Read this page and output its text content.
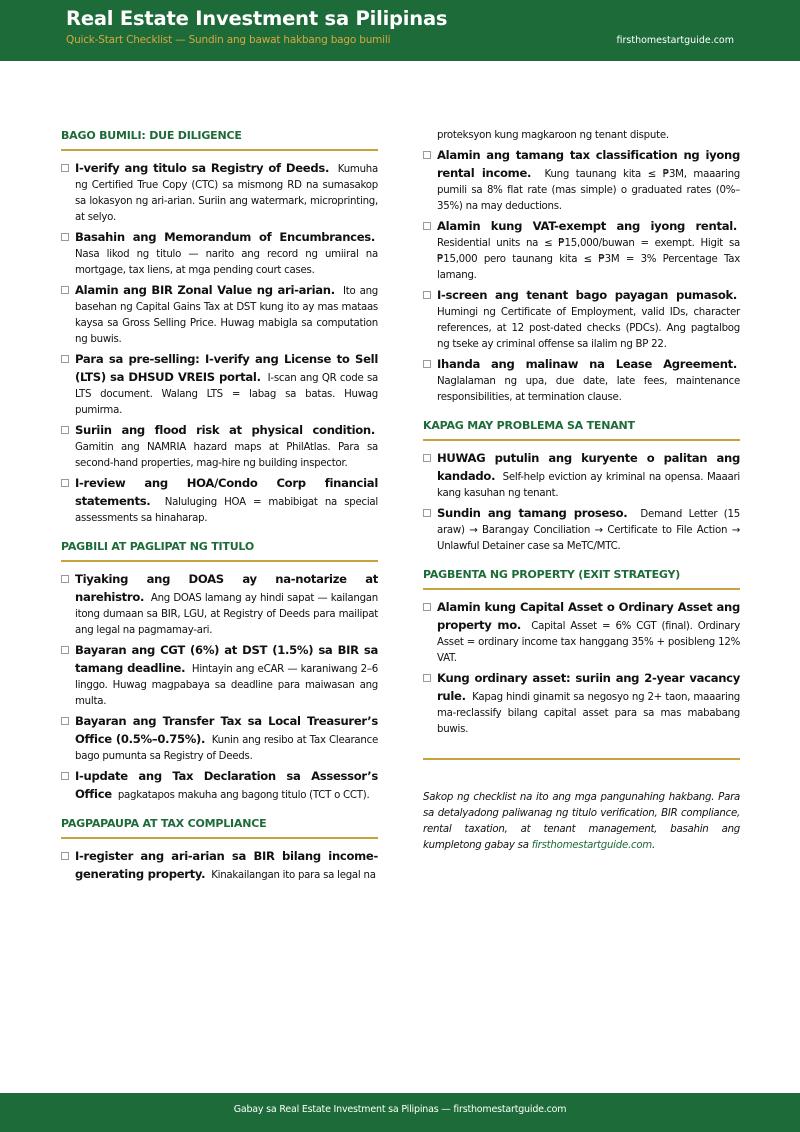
Real Estate Investment sa Pilipinas
Quick-Start Checklist — Sundin ang bawat hakbang bago bumili	firsthomestartguide.com
BAGO BUMILI: DUE DILIGENCE
I-verify ang titulo sa Registry of Deeds. Kumuha ng Certified True Copy (CTC) sa mismong RD na sumasakop sa lokasyon ng ari-arian. Suriin ang watermark, microprinting, at selyo.
Basahin ang Memorandum of Encumbrances.  Nasa likod ng titulo — narito ang record ng umiiral na mortgage, tax liens, at mga pending court cases.
Alamin ang BIR Zonal Value ng ari-arian. Ito ang basehan ng Capital Gains Tax at DST kung ito ay mas mataas kaysa sa Gross Selling Price. Huwag mabigla sa computation ng buwis.
Para sa pre-selling: I-verify ang License to Sell (LTS) sa DHSUD VREIS portal. I-scan ang QR code sa LTS document. Walang LTS = labag sa batas. Huwag pumirma.
Suriin ang flood risk at physical condition.  Gamitin ang NAMRIA hazard maps at PhilAtlas. Para sa second-hand properties, mag-hire ng building inspector.
I-review ang HOA/Condo Corp financial statements. Naluluging HOA = mabibigat na special assessments sa hinaharap.
PAGBILI AT PAGLIPAT NG TITULO
Tiyaking ang DOAS ay na-notarize at narehistro. Ang DOAS lamang ay hindi sapat — kailangan itong dumaan sa BIR, LGU, at Registry of Deeds para mailipat ang legal na pagmamay-ari.
Bayaran ang CGT (6%) at DST (1.5%) sa BIR sa tamang deadline. Hintayin ang eCAR — karaniwang 2–6 linggo. Huwag magpabaya sa deadline para maiwasan ang multa.
Bayaran ang Transfer Tax sa Local Treasurer’s Office (0.5%–0.75%). Kunin ang resibo at Tax Clearance bago pumunta sa Registry of Deeds.
I-update ang Tax Declaration sa Assessor’s Office pagkatapos makuha ang bagong titulo (TCT o CCT).
PAGPAPAUPA AT TAX COMPLIANCE
I-register ang ari-arian sa BIR bilang income-generating property. Kinakailangan ito para sa legal na
proteksyon kung magkaroon ng tenant dispute.
Alamin ang tamang tax classification ng iyong rental income. Kung taunang kita ≤ ₱3M, maaaring pumili sa 8% flat rate (mas simple) o graduated rates (0%–35%) na may deductions.
Alamin kung VAT-exempt ang iyong rental.  Residential units na ≤ ₱15,000/buwan = exempt. Higit sa ₱15,000 pero taunang kita ≤ ₱3M = 3% Percentage Tax lamang.
I-screen ang tenant bago payagan pumasok.  Humingi ng Certificate of Employment, valid IDs, character references, at 12 post-dated checks (PDCs). Ang pagtalbog ng tseke ay criminal offense sa ilalim ng BP 22.
Ihanda ang malinaw na Lease Agreement.  Naglalaman ng upa, due date, late fees, maintenance responsibilities, at termination clause.
KAPAG MAY PROBLEMA SA TENANT
HUWAG putulin ang kuryente o palitan ang kandado. Self-help eviction ay kriminal na opensa. Maaari kang kasuhan ng tenant.
Sundin ang tamang proseso. Demand Letter (15 araw) → Barangay Conciliation → Certificate to File Action → Unlawful Detainer case sa MeTC/MTC.
PAGBENTA NG PROPERTY (EXIT STRATEGY)
Alamin kung Capital Asset o Ordinary Asset ang property mo. Capital Asset = 6% CGT (final). Ordinary Asset = ordinary income tax hanggang 35% + posibleng 12% VAT.
Kung ordinary asset: suriin ang 2-year vacancy rule. Kapag hindi ginamit sa negosyo ng 2+ taon, maaaring ma-reclassify bilang capital asset para sa mas mababang buwis.
Sakop ng checklist na ito ang mga pangunahing hakbang. Para sa detalyadong paliwanag ng titulo verification, BIR compliance, rental taxation, at tenant management, basahin ang kumpletong gabay sa firsthomestartguide.com.
Gabay sa Real Estate Investment sa Pilipinas — firsthomestartguide.com
